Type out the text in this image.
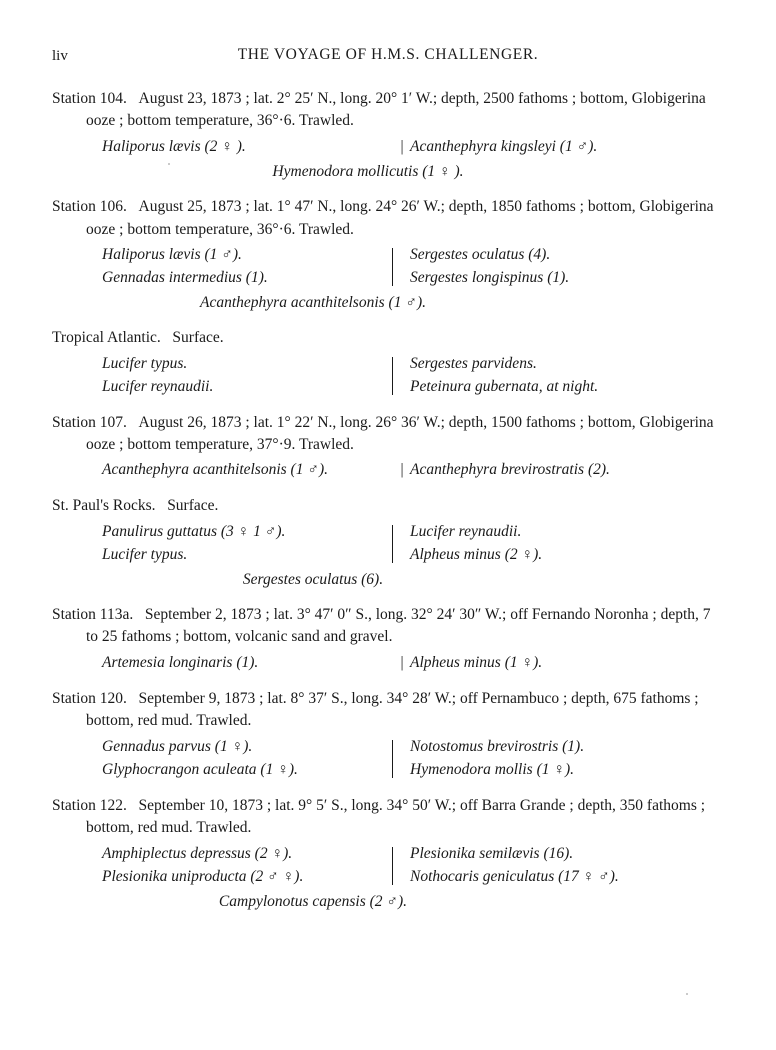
liv	THE VOYAGE OF H.M.S. CHALLENGER.
Station 104. August 23, 1873 ; lat. 2° 25′ N., long. 20° 1′ W.; depth, 2500 fathoms ; bottom, Globigerina ooze ; bottom temperature, 36°·6. Trawled.
Haliporus lævis (2 ♀ ).	| Acanthephyra kingsleyi (1 ♂).
Hymenodora mollicutis (1 ♀ ).
Station 106. August 25, 1873 ; lat. 1° 47′ N., long. 24° 26′ W.; depth, 1850 fathoms ; bottom, Globigerina ooze ; bottom temperature, 36°·6. Trawled.
Haliporus lævis (1 ♂).	Sergestes oculatus (4).
Gennadas intermedius (1).	Sergestes longispinus (1).
Acanthephyra acanthitelsonis (1 ♂).
Tropical Atlantic. Surface.
Lucifer typus.	Sergestes parvidens.
Lucifer reynaudii.	Peteinura gubernata, at night.
Station 107. August 26, 1873 ; lat. 1° 22′ N., long. 26° 36′ W.; depth, 1500 fathoms ; bottom, Globigerina ooze ; bottom temperature, 37°·9. Trawled.
Acanthephyra acanthitelsonis (1 ♂).	| Acanthephyra brevirostratis (2).
St. Paul's Rocks. Surface.
Panulirus guttatus (3 ♀ 1 ♂).	Lucifer reynaudii.
Lucifer typus.	Alpheus minus (2 ♀).
Sergestes oculatus (6).
Station 113a. September 2, 1873 ; lat. 3° 47′ 0″ S., long. 32° 24′ 30″ W.; off Fernando Noronha ; depth, 7 to 25 fathoms ; bottom, volcanic sand and gravel.
Artemesia longinaris (1).	| Alpheus minus (1 ♀).
Station 120. September 9, 1873 ; lat. 8° 37′ S., long. 34° 28′ W.; off Pernambuco ; depth, 675 fathoms ; bottom, red mud. Trawled.
Gennadus parvus (1 ♀).	Notostomus brevirostris (1).
Glyphocrangon aculeata (1 ♀).	Hymenodora mollis (1 ♀).
Station 122. September 10, 1873 ; lat. 9° 5′ S., long. 34° 50′ W.; off Barra Grande ; depth, 350 fathoms ; bottom, red mud. Trawled.
Amphiplectus depressus (2 ♀).	Plesionika semilævis (16).
Plesionika uniproducta (2 ♂ ♀).	Nothocaris geniculatus (17 ♀ ♂).
Campylonotus capensis (2 ♂).
